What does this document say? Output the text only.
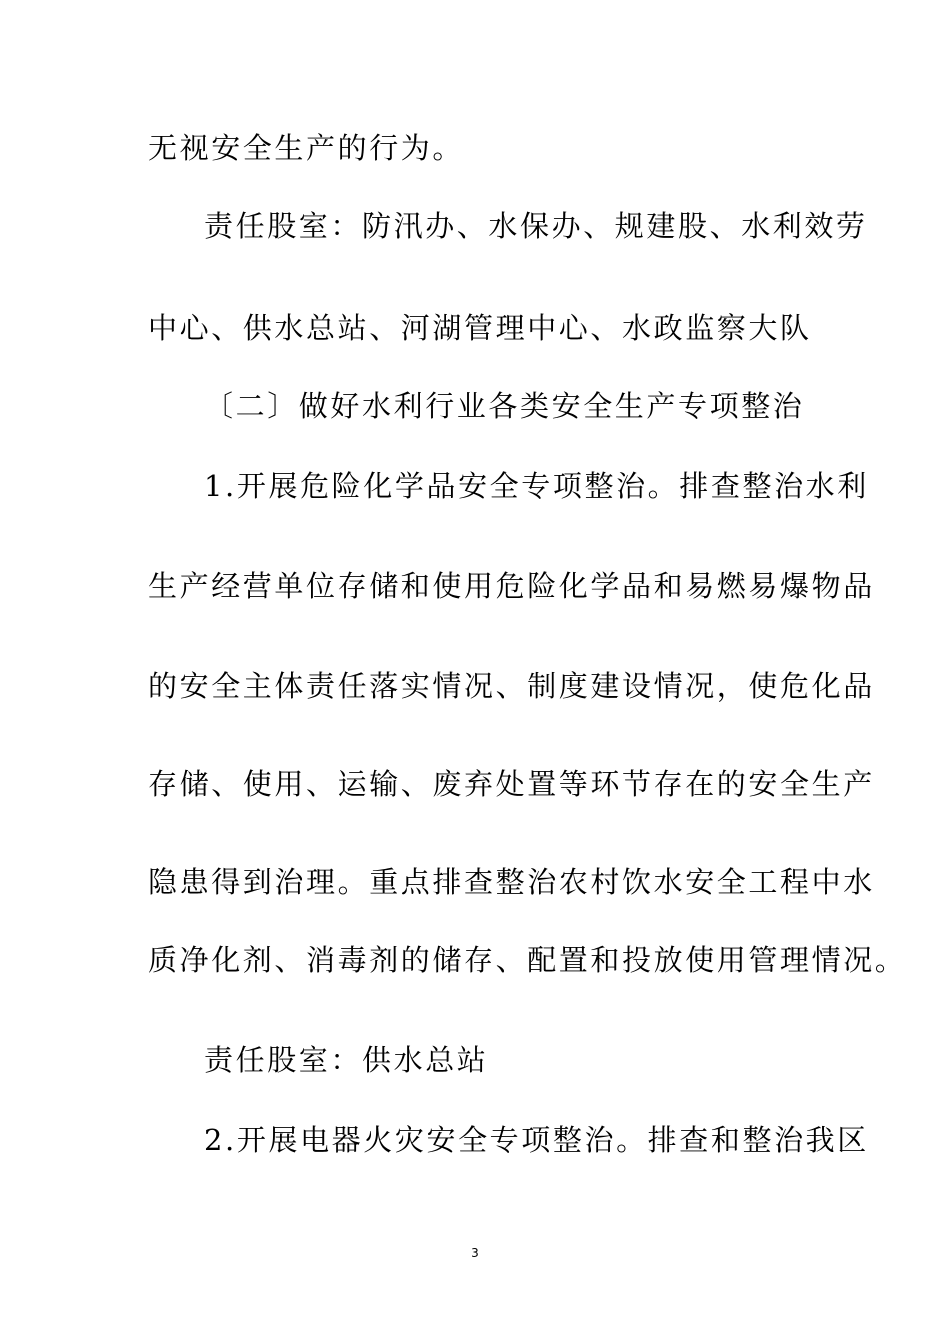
无视安全生产的行为。
责任股室：防汛办、水保办、规建股、水利效劳
中心、供水总站、河湖管理中心、水政监察大队
〔二〕做好水利行业各类安全生产专项整治
1.开展危险化学品安全专项整治。排查整治水利
生产经营单位存储和使用危险化学品和易燃易爆物品
的安全主体责任落实情况、制度建设情况，使危化品
存储、使用、运输、废弃处置等环节存在的安全生产
隐患得到治理。重点排查整治农村饮水安全工程中水
质净化剂、消毒剂的储存、配置和投放使用管理情况。
责任股室：供水总站
2.开展电器火灾安全专项整治。排查和整治我区
3
